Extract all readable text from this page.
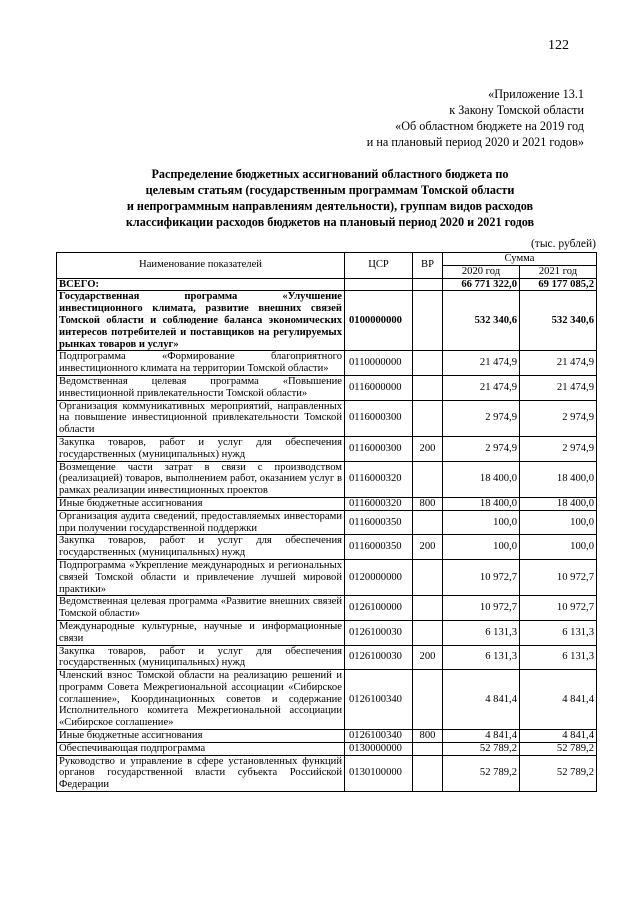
122
«Приложение 13.1
к Закону Томской области
«Об областном бюджете на 2019 год
и на плановый период 2020 и 2021 годов»
Распределение бюджетных ассигнований областного бюджета по
целевым статьям (государственным программам Томской области
и непрограммным направлениям деятельности), группам видов расходов
классификации расходов бюджетов на плановый период 2020 и 2021 годов
(тыс. рублей)
Наименование показателей	ЦСР	ВР	Сумма	
			2020 год	2021 год
ВСЕГО:			66 771 322,0	69 177 085,2
Государственная программа «Улучшение инвестиционного климата, развитие внешних связей Томской области и соблюдение баланса экономических интересов потребителей и поставщиков на регулируемых рынках товаров и услуг»	0100000000		532 340,6	532 340,6
Подпрограмма «Формирование благоприятного инвестиционного климата на территории Томской области»	0110000000		21 474,9	21 474,9
Ведомственная целевая программа «Повышение инвестиционной привлекательности Томской области»	0116000000		21 474,9	21 474,9
Организация коммуникативных мероприятий, направленных на повышение инвестиционной привлекательности Томской области	0116000300		2 974,9	2 974,9
Закупка товаров, работ и услуг для обеспечения государственных (муниципальных) нужд	0116000300	200	2 974,9	2 974,9
Возмещение части затрат в связи с производством (реализацией) товаров, выполнением работ, оказанием услуг в рамках реализации инвестиционных проектов	0116000320		18 400,0	18 400,0
Иные бюджетные ассигнования	0116000320	800	18 400,0	18 400,0
Организация аудита сведений, предоставляемых инвесторами при получении государственной поддержки	0116000350		100,0	100,0
Закупка товаров, работ и услуг для обеспечения государственных (муниципальных) нужд	0116000350	200	100,0	100,0
Подпрограмма «Укрепление международных и региональных связей Томской области и привлечение лучшей мировой практики»	0120000000		10 972,7	10 972,7
Ведомственная целевая программа «Развитие внешних связей Томской области»	0126100000		10 972,7	10 972,7
Международные культурные, научные и информационные связи	0126100030		6 131,3	6 131,3
Закупка товаров, работ и услуг для обеспечения государственных (муниципальных) нужд	0126100030	200	6 131,3	6 131,3
Членский взнос Томской области на реализацию решений и программ Совета Межрегиональной ассоциации «Сибирское соглашение», Координационных советов и содержание Исполнительного комитета Межрегиональной ассоциации «Сибирское соглашение»	0126100340		4 841,4	4 841,4
Иные бюджетные ассигнования	0126100340	800	4 841,4	4 841,4
Обеспечивающая подпрограмма	0130000000		52 789,2	52 789,2
Руководство и управление в сфере установленных функций органов государственной власти субъекта Российской Федерации	0130100000		52 789,2	52 789,2
